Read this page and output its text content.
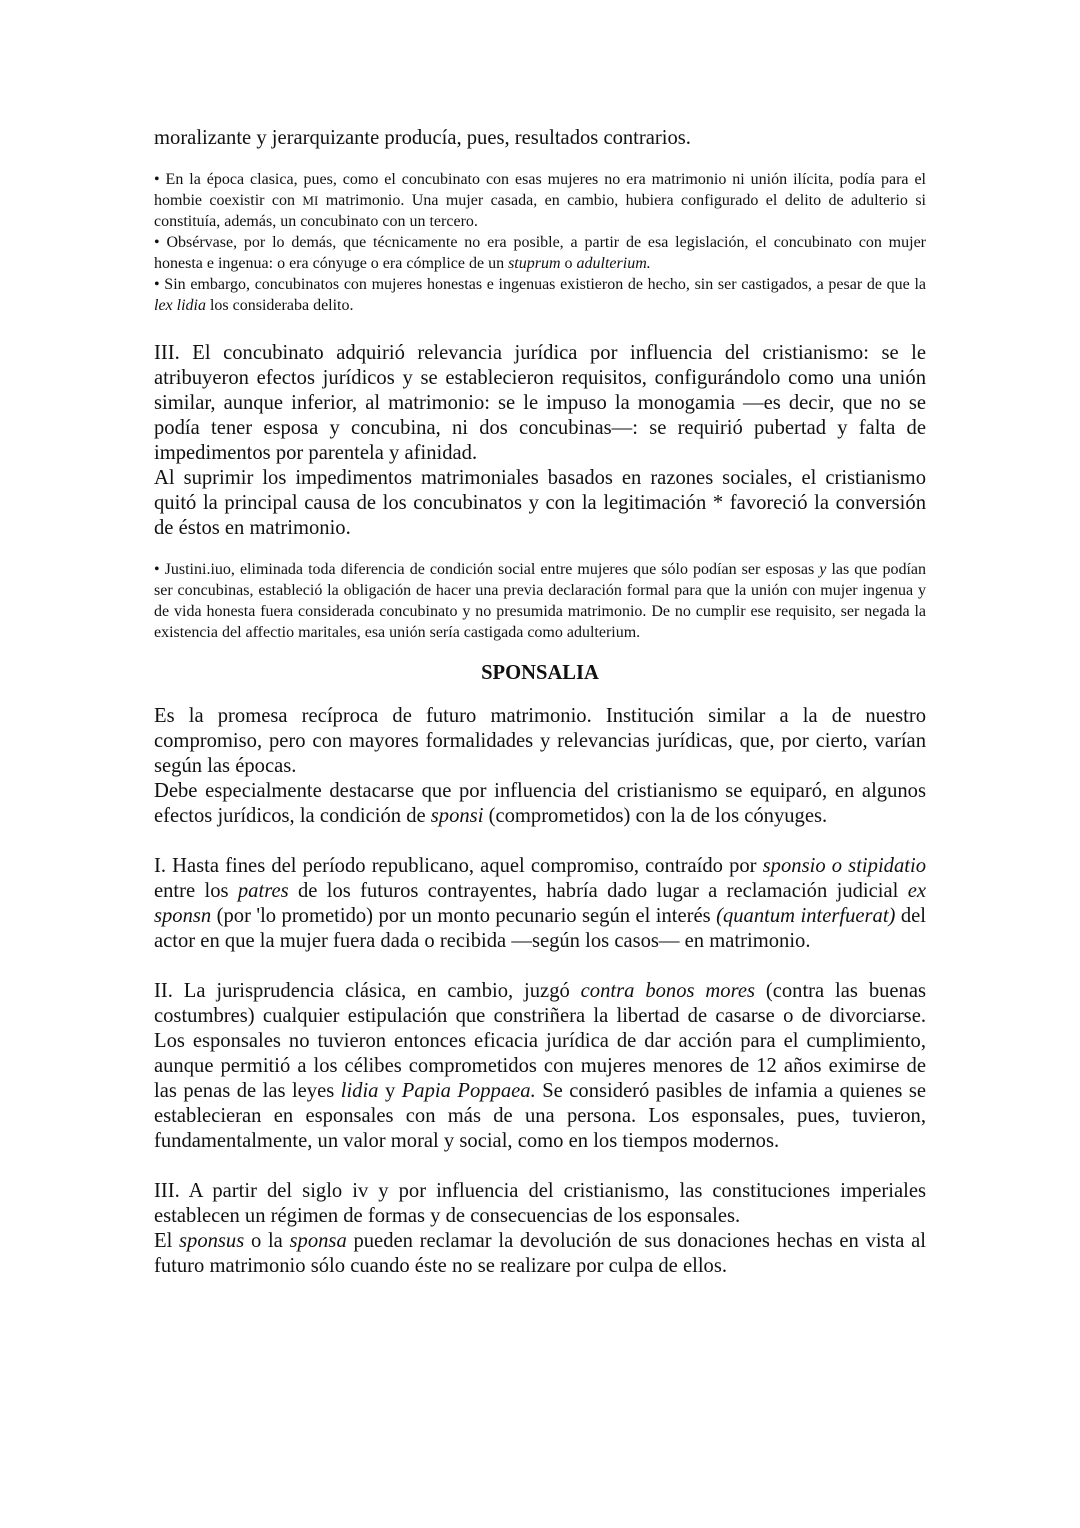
moralizante y jerarquizante producía, pues, resultados contrarios.

• En la época clasica, pues, como el concubinato con esas mujeres no era matrimonio ni unión ilícita, podía para el hombie coexistir con MI matrimonio. Una mujer casada, en cambio, hubiera configurado el delito de adulterio si constituía, además, un concubinato con un tercero.

• Obsérvase, por lo demás, que técnicamente no era posible, a partir de esa legislación, el concubinato con mujer honesta e ingenua: o era cónyuge o era cómplice de un stuprum o adulterium.

• Sin embargo, concubinatos con mujeres honestas e ingenuas existieron de hecho, sin ser castigados, a pesar de que la lex lidia los consideraba delito.

III. El concubinato adquirió relevancia jurídica por influencia del cristianismo: se le atribuyeron efectos jurídicos y se establecieron requisitos, configurándolo como una unión similar, aunque inferior, al matrimonio: se le impuso la monogamia —es decir, que no se podía tener esposa y concubina, ni dos concubinas—: se requirió pubertad y falta de impedimentos por parentela y afinidad.

Al suprimir los impedimentos matrimoniales basados en razones sociales, el cristianismo quitó la principal causa de los concubinatos y con la legitimación * favoreció la conversión de éstos en matrimonio.

• Justini.iuo, eliminada toda diferencia de condición social entre mujeres que sólo podían ser esposas y las que podían ser concubinas, estableció la obligación de hacer una previa declaración formal para que la unión con mujer ingenua y de vida honesta fuera considerada concubinato y no presumida matrimonio. De no cumplir ese requisito, ser negada la existencia del affectio maritales, esa unión sería castigada como adulterium.

SPONSALIA

Es la promesa recíproca de futuro matrimonio. Institución similar a la de nuestro compromiso, pero con mayores formalidades y relevancias jurídicas, que, por cierto, varían según las épocas.

Debe especialmente destacarse que por influencia del cristianismo se equiparó, en algunos efectos jurídicos, la condición de sponsi (comprometidos) con la de los cónyuges.

I. Hasta fines del período republicano, aquel compromiso, contraído por sponsio o stipidatio entre los patres de los futuros contrayentes, habría dado lugar a reclamación judicial ex sponsn (por 'lo prometido) por un monto pecunario según el interés (quantum interfuerat) del actor en que la mujer fuera dada o recibida —según los casos— en matrimonio.

II. La jurisprudencia clásica, en cambio, juzgó contra bonos mores (contra las buenas costumbres) cualquier estipulación que constriñera la libertad de casarse o de divorciarse. Los esponsales no tuvieron entonces eficacia jurídica de dar acción para el cumplimiento, aunque permitió a los célibes comprometidos con mujeres menores de 12 años eximirse de las penas de las leyes lidia y Papia Poppaea. Se consideró pasibles de infamia a quienes se establecieran en esponsales con más de una persona. Los esponsales, pues, tuvieron, fundamentalmente, un valor moral y social, como en los tiempos modernos.

III. A partir del siglo iv y por influencia del cristianismo, las constituciones imperiales establecen un régimen de formas y de consecuencias de los esponsales.

El sponsus o la sponsa pueden reclamar la devolución de sus donaciones hechas en vista al futuro matrimonio sólo cuando éste no se realizare por culpa de ellos.
